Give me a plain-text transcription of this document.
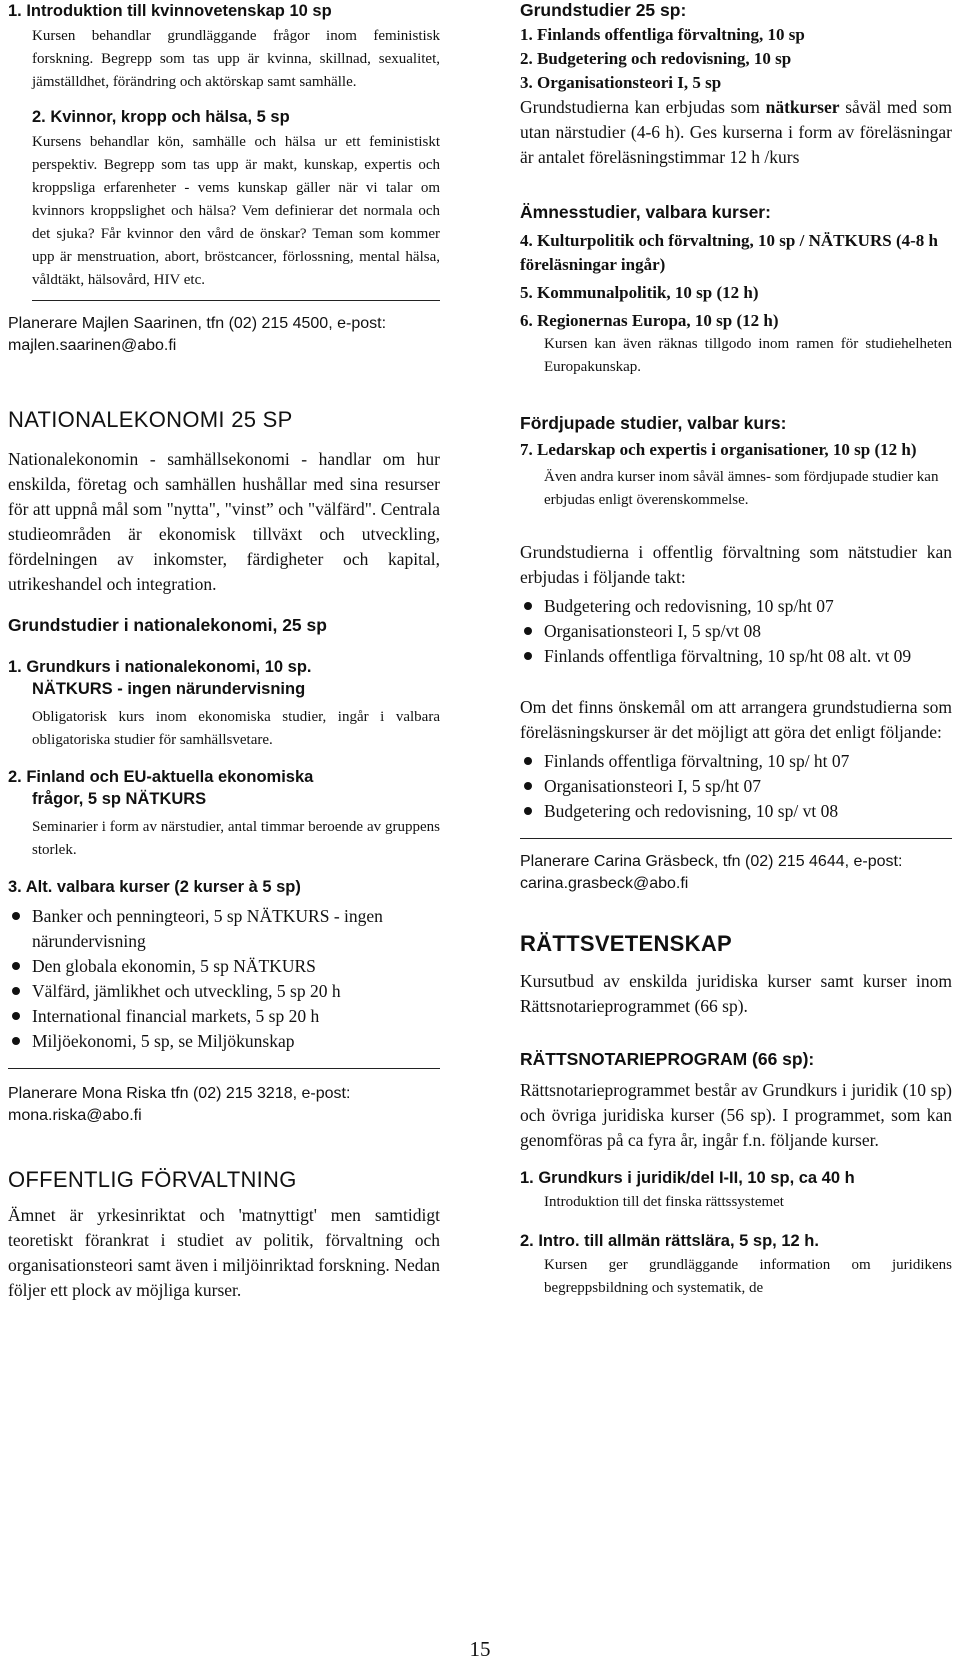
1. Introduktion till kvinnovetenskap 10 sp

Kursen behandlar grundläggande frågor inom feministisk forskning. Begrepp som tas upp är kvinna, skillnad, sexualitet, jämställdhet, förändring och aktörskap samt samhälle.

2. Kvinnor, kropp och hälsa, 5 sp

Kursens behandlar kön, samhälle och hälsa ur ett feministiskt perspektiv. Begrepp som tas upp är makt, kunskap, expertis och kroppsliga erfarenheter - vems kunskap gäller när vi talar om kvinnors kroppslighet och hälsa? Vem definierar det normala och det sjuka? Får kvinnor den vård de önskar? Teman som kommer upp är menstruation, abort, bröstcancer, förlossning, mental hälsa, våldtäkt, hälsovård, HIV etc.

Planerare Majlen Saarinen, tfn (02) 215 4500, e-post: majlen.saarinen@abo.fi

NATIONALEKONOMI 25 SP

Nationalekonomin - samhällsekonomi - handlar om hur enskilda, företag och samhällen hushållar med sina resurser för att uppnå mål som "nytta", "vinst” och "välfärd". Centrala studieområden är ekonomisk tillväxt och utveckling, fördelningen av inkomster, färdigheter och kapital, utrikeshandel och integration.

Grundstudier i nationalekonomi, 25 sp

1. Grundkurs i nationalekonomi, 10 sp.

NÄTKURS - ingen närundervisning

Obligatorisk kurs inom ekonomiska studier, ingår i valbara obligatoriska studier för samhällsvetare.

2. Finland och EU-aktuella ekonomiska

frågor, 5 sp NÄTKURS

Seminarier i form av närstudier, antal timmar beroende av gruppens storlek.

3. Alt. valbara kurser (2 kurser à 5 sp)

Banker och penningteori, 5 sp NÄTKURS - ingen närundervisning
Den globala ekonomin, 5 sp NÄTKURS
Välfärd, jämlikhet och utveckling, 5 sp 20 h
International financial markets, 5 sp 20 h
Miljöekonomi, 5 sp, se Miljökunskap

Planerare Mona Riska tfn (02) 215 3218, e-post: mona.riska@abo.fi

OFFENTLIG FÖRVALTNING

Ämnet är yrkesinriktat och 'matnyttigt' men samtidigt teoretiskt förankrat i studiet av politik, förvaltning och organisationsteori samt även i miljöinriktad forskning. Nedan följer ett plock av möjliga kurser.

Grundstudier 25 sp:

1. Finlands offentliga förvaltning, 10 sp

2. Budgetering och redovisning, 10 sp

3. Organisationsteori I, 5 sp

Grundstudierna kan erbjudas som nätkurser såväl med som utan närstudier (4-6 h). Ges kurserna i form av föreläsningar är antalet föreläsningstimmar 12 h /kurs

Ämnesstudier, valbara kurser:

4. Kulturpolitik och förvaltning, 10 sp / NÄTKURS (4-8 h föreläsningar ingår)

5. Kommunalpolitik, 10 sp (12 h)

6. Regionernas Europa, 10 sp (12 h)

Kursen kan även räknas tillgodo inom ramen för studiehelheten Europakunskap.

Fördjupade studier, valbar kurs:

7. Ledarskap och expertis i organisationer, 10 sp (12 h)

Även andra kurser inom såväl ämnes- som fördjupade studier kan erbjudas enligt överenskommelse.

Grundstudierna i offentlig förvaltning som nätstudier kan erbjudas i följande takt:

Budgetering och redovisning, 10 sp/ht 07
Organisationsteori I, 5 sp/vt 08
Finlands offentliga förvaltning, 10 sp/ht 08 alt. vt 09

Om det finns önskemål om att arrangera grundstudierna som föreläsningskurser är det möjligt att göra det enligt följande:

Finlands offentliga förvaltning, 10 sp/ ht 07
Organisationsteori I, 5 sp/ht 07
Budgetering och redovisning, 10 sp/ vt 08

Planerare Carina Gräsbeck, tfn (02) 215 4644, e-post: carina.grasbeck@abo.fi

RÄTTSVETENSKAP

Kursutbud av enskilda juridiska kurser samt kurser inom Rättsnotarieprogrammet (66 sp).

RÄTTSNOTARIEPROGRAM (66 sp):

Rättsnotarieprogrammet består av Grundkurs i juridik (10 sp) och övriga juridiska kurser (56 sp). I programmet, som kan genomföras på ca fyra år, ingår f.n. följande kurser.

1. Grundkurs i juridik/del I-II, 10 sp, ca 40 h

Introduktion till det finska rättssystemet

2. Intro. till allmän rättslära, 5 sp, 12 h.

Kursen ger grundläggande information om juridikens begreppsbildning och systematik, de

15
